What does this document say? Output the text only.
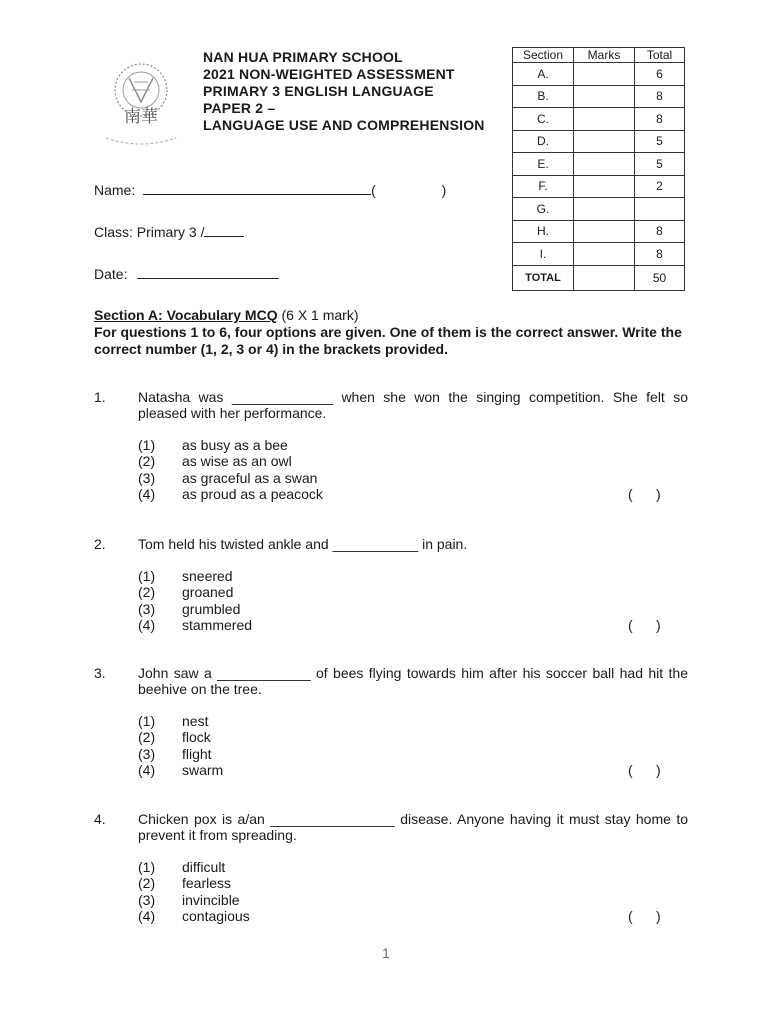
南華
NAN HUA PRIMARY SCHOOL
2021 NON-WEIGHTED ASSESSMENT
PRIMARY 3 ENGLISH LANGUAGE
PAPER 2 –
LANGUAGE USE AND COMPREHENSION
Section	Marks	Total
A.		6
B.		8
C.		8
D.		5
E.		5
F.		2
G.		
H.		8
I.		8
TOTAL		50
Name:	(	)
Class: Primary 3 /
Date:
Section A: Vocabulary MCQ (6 X 1 mark)
For questions 1 to 6, four options are given. One of them is the correct answer. Write the correct number (1, 2, 3 or 4) in the brackets provided.
1. Natasha was _____________ when she won the singing competition. She felt so pleased with her performance.
(1) as busy as a bee
(2) as wise as an owl
(3) as graceful as a swan
(4) as proud as a peacock	(      )
2. Tom held his twisted ankle and ___________ in pain.
(1) sneered
(2) groaned
(3) grumbled
(4) stammered	(      )
3. John saw a ____________ of bees flying towards him after his soccer ball had hit the beehive on the tree.
(1) nest
(2) flock
(3) flight
(4) swarm	(      )
4. Chicken pox is a/an ________________ disease. Anyone having it must stay home to prevent it from spreading.
(1) difficult
(2) fearless
(3) invincible
(4) contagious	(      )
1
